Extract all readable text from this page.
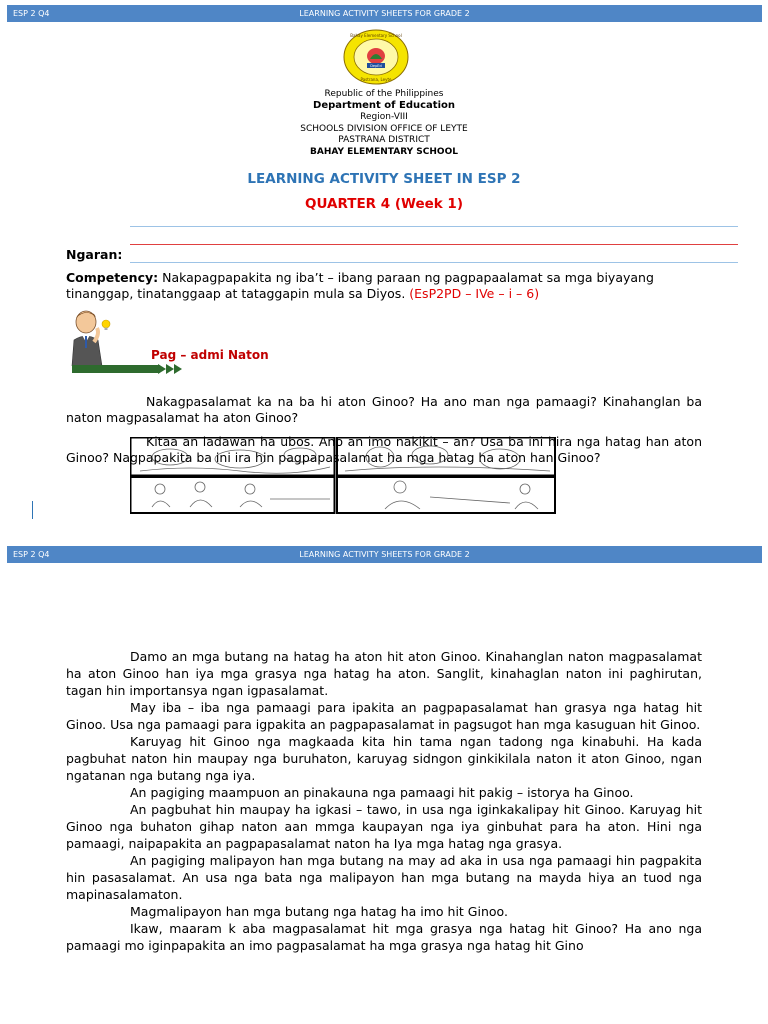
ESP 2 Q4	LEARNING ACTIVITY SHEETS FOR GRADE 2
DepEd
Bahay Elementary School
Pastrana, Leyte
Republic of the Philippines
Department of Education
Region-VIII
SCHOOLS DIVISION OFFICE OF LEYTE
PASTRANA DISTRICT
BAHAY ELEMENTARY SCHOOL
LEARNING ACTIVITY SHEET IN ESP 2
QUARTER 4 (Week 1)
Ngaran:
Competency: Nakapagpapakita ng iba’t – ibang paraan ng pagpapaalamat sa mga biyayang tinanggap, tinatanggaap at tataggapin mula sa Diyos. (EsP2PD – IVe – i – 6)
Pag – admi Naton
Nakagpasalamat ka na ba hi aton Ginoo? Ha ano man nga pamaagi? Kinahanglan ba naton magpasalamat ha aton Ginoo?
Kitaa an ladawan ha ubos. Ano an imo nakikit – an? Usa ba ini hira nga hatag han aton Ginoo? Nagpapakita ba ini ira hin pagpapasalamat ha mga hatag ha aton han Ginoo?
ESP 2 Q4	LEARNING ACTIVITY SHEETS FOR GRADE 2

Damo an mga butang na hatag ha aton hit aton Ginoo. Kinahanglan naton magpasalamat ha aton Ginoo han iya mga grasya nga hatag ha aton. Sanglit, kinahaglan naton ini paghirutan, tagan hin importansya ngan igpasalamat.

May iba – iba nga pamaagi para ipakita an pagpapasalamat han grasya nga hatag hit Ginoo. Usa nga pamaagi para igpakita an pagpapasalamat in pagsugot han mga kasuguan hit Ginoo.

Karuyag hit Ginoo nga magkaada kita hin tama ngan tadong nga kinabuhi. Ha kada pagbuhat naton hin maupay nga buruhaton, karuyag sidngon ginkikilala naton it aton Ginoo, ngan ngatanan nga butang nga iya.

An pagiging maampuon an pinakauna nga pamaagi hit pakig – istorya ha Ginoo.

An pagbuhat hin maupay ha igkasi – tawo, in usa nga iginkakalipay hit Ginoo. Karuyag hit Ginoo nga buhaton gihap naton aan mmga kaupayan nga iya ginbuhat para ha aton. Hini nga pamaagi, naipapakita an pagpapasalamat naton ha Iya mga hatag nga grasya.

An pagiging malipayon han mga butang na may ad aka in usa nga pamaagi hin pagpakita hin pasasalamat. An usa nga bata nga malipayon han mga butang na mayda hiya an tuod nga mapinasalamaton.

Magmalipayon han mga butang nga hatag ha imo hit Ginoo.

Ikaw, maaram k aba magpasalamat hit mga grasya nga hatag hit Ginoo? Ha ano nga pamaagi mo iginpapakita an imo pagpasalamat ha mga grasya nga hatag hit Gino
